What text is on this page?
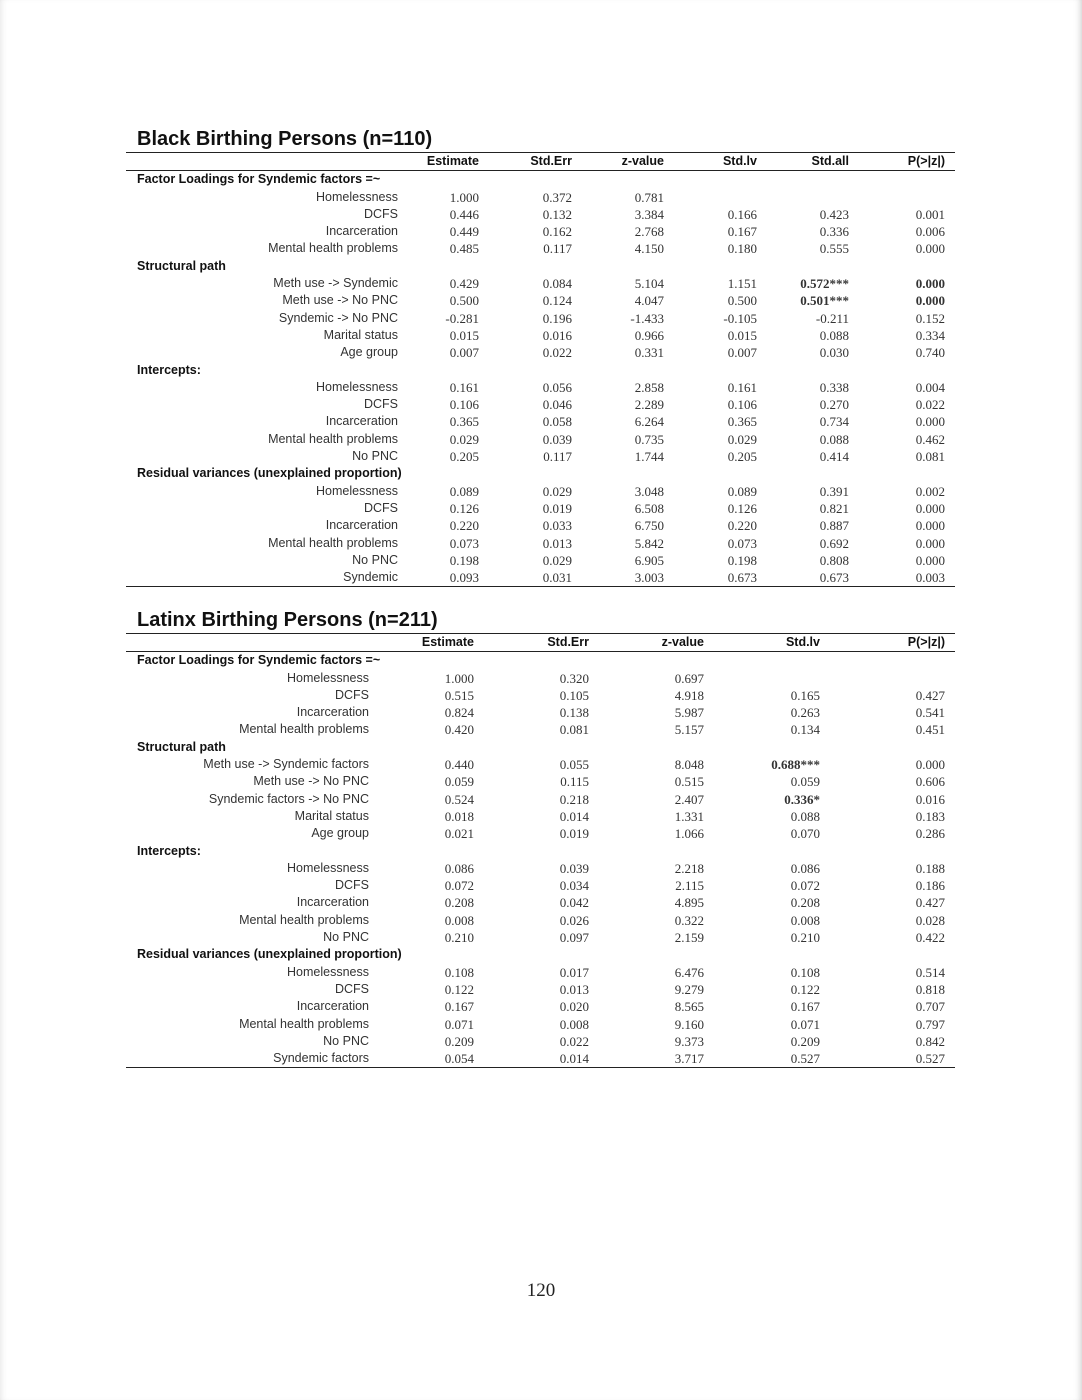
Black Birthing Persons (n=110)
	Estimate	Std.Err	z-value	Std.lv	Std.all	P(>|z|)
Factor Loadings for Syndemic factors =~						
Homelessness	1.000	0.372	0.781			
DCFS	0.446	0.132	3.384	0.166	0.423	0.001
Incarceration	0.449	0.162	2.768	0.167	0.336	0.006
Mental health problems	0.485	0.117	4.150	0.180	0.555	0.000
Structural path						
Meth use -> Syndemic	0.429	0.084	5.104	1.151	0.572***	0.000
Meth use -> No PNC	0.500	0.124	4.047	0.500	0.501***	0.000
Syndemic -> No PNC	-0.281	0.196	-1.433	-0.105	-0.211	0.152
Marital status	0.015	0.016	0.966	0.015	0.088	0.334
Age group	0.007	0.022	0.331	0.007	0.030	0.740
Intercepts:						
Homelessness	0.161	0.056	2.858	0.161	0.338	0.004
DCFS	0.106	0.046	2.289	0.106	0.270	0.022
Incarceration	0.365	0.058	6.264	0.365	0.734	0.000
Mental health problems	0.029	0.039	0.735	0.029	0.088	0.462
No PNC	0.205	0.117	1.744	0.205	0.414	0.081
Residual variances (unexplained proportion)						
Homelessness	0.089	0.029	3.048	0.089	0.391	0.002
DCFS	0.126	0.019	6.508	0.126	0.821	0.000
Incarceration	0.220	0.033	6.750	0.220	0.887	0.000
Mental health problems	0.073	0.013	5.842	0.073	0.692	0.000
No PNC	0.198	0.029	6.905	0.198	0.808	0.000
Syndemic	0.093	0.031	3.003	0.673	0.673	0.003
Latinx Birthing Persons (n=211)
	Estimate	Std.Err	z-value	Std.lv	P(>|z|)
Factor Loadings for Syndemic factors =~					
Homelessness	1.000	0.320	0.697		
DCFS	0.515	0.105	4.918	0.165	0.427
Incarceration	0.824	0.138	5.987	0.263	0.541
Mental health problems	0.420	0.081	5.157	0.134	0.451
Structural path					
Meth use -> Syndemic factors	0.440	0.055	8.048	0.688***	0.000
Meth use -> No PNC	0.059	0.115	0.515	0.059	0.606
Syndemic factors -> No PNC	0.524	0.218	2.407	0.336*	0.016
Marital status	0.018	0.014	1.331	0.088	0.183
Age group	0.021	0.019	1.066	0.070	0.286
Intercepts:					
Homelessness	0.086	0.039	2.218	0.086	0.188
DCFS	0.072	0.034	2.115	0.072	0.186
Incarceration	0.208	0.042	4.895	0.208	0.427
Mental health problems	0.008	0.026	0.322	0.008	0.028
No PNC	0.210	0.097	2.159	0.210	0.422
Residual variances (unexplained proportion)					
Homelessness	0.108	0.017	6.476	0.108	0.514
DCFS	0.122	0.013	9.279	0.122	0.818
Incarceration	0.167	0.020	8.565	0.167	0.707
Mental health problems	0.071	0.008	9.160	0.071	0.797
No PNC	0.209	0.022	9.373	0.209	0.842
Syndemic factors	0.054	0.014	3.717	0.527	0.527
120
